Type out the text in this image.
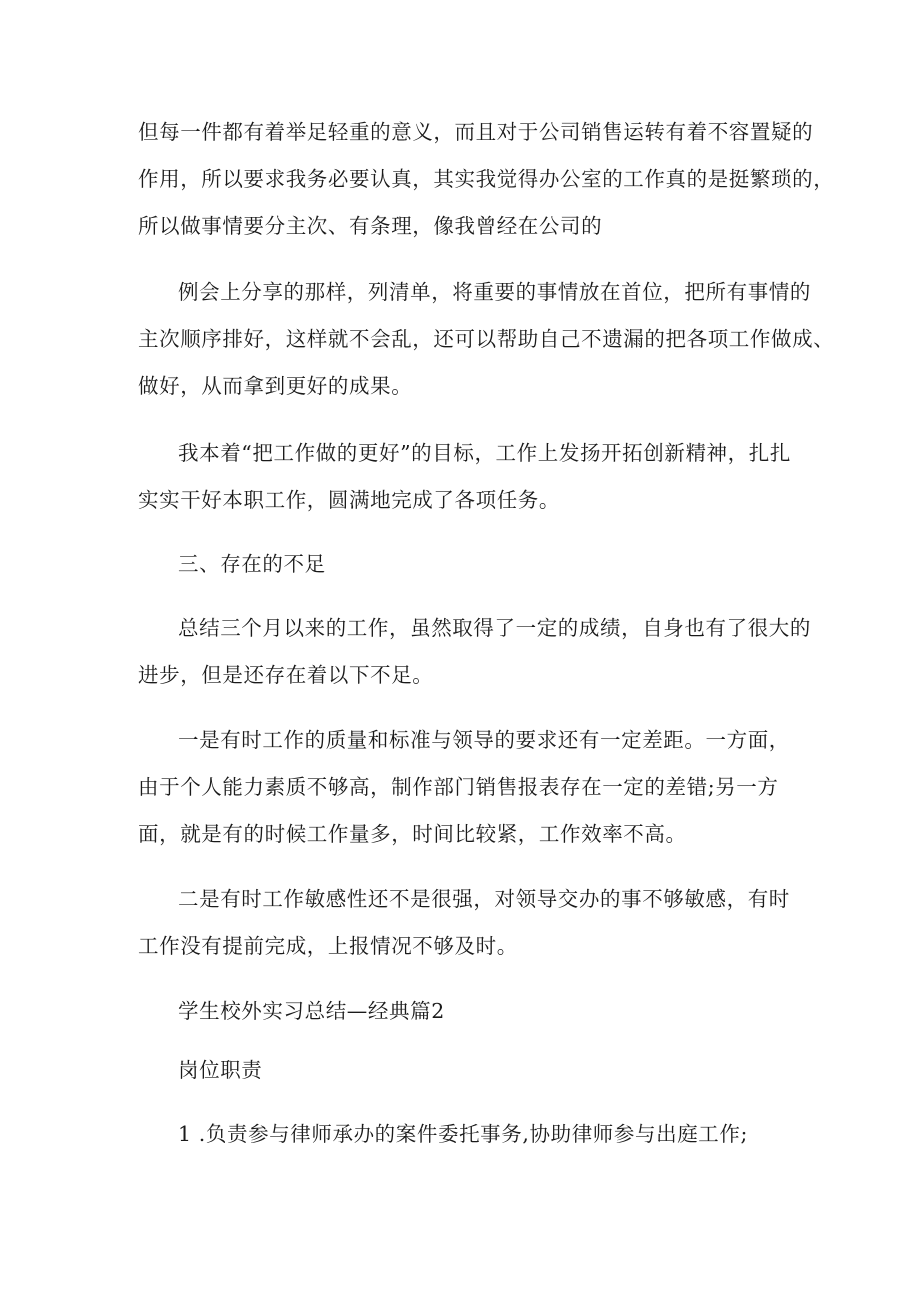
但每一件都有着举足轻重的意义，而且对于公司销售运转有着不容置疑的
作用，所以要求我务必要认真，其实我觉得办公室的工作真的是挺繁琐的，
所以做事情要分主次、有条理，像我曾经在公司的
例会上分享的那样，列清单，将重要的事情放在首位，把所有事情的
主次顺序排好，这样就不会乱，还可以帮助自己不遗漏的把各项工作做成、
做好，从而拿到更好的成果。
我本着“把工作做的更好”的目标，工作上发扬开拓创新精神，扎扎
实实干好本职工作，圆满地完成了各项任务。
三、存在的不足
总结三个月以来的工作，虽然取得了一定的成绩，自身也有了很大的
进步，但是还存在着以下不足。
一是有时工作的质量和标准与领导的要求还有一定差距。一方面，
由于个人能力素质不够高，制作部门销售报表存在一定的差错;另一方
面，就是有的时候工作量多，时间比较紧，工作效率不高。
二是有时工作敏感性还不是很强，对领导交办的事不够敏感，有时
工作没有提前完成，上报情况不够及时。
学生校外实习总结—经典篇2
岗位职责
1 .负责参与律师承办的案件委托事务,协助律师参与出庭工作;
